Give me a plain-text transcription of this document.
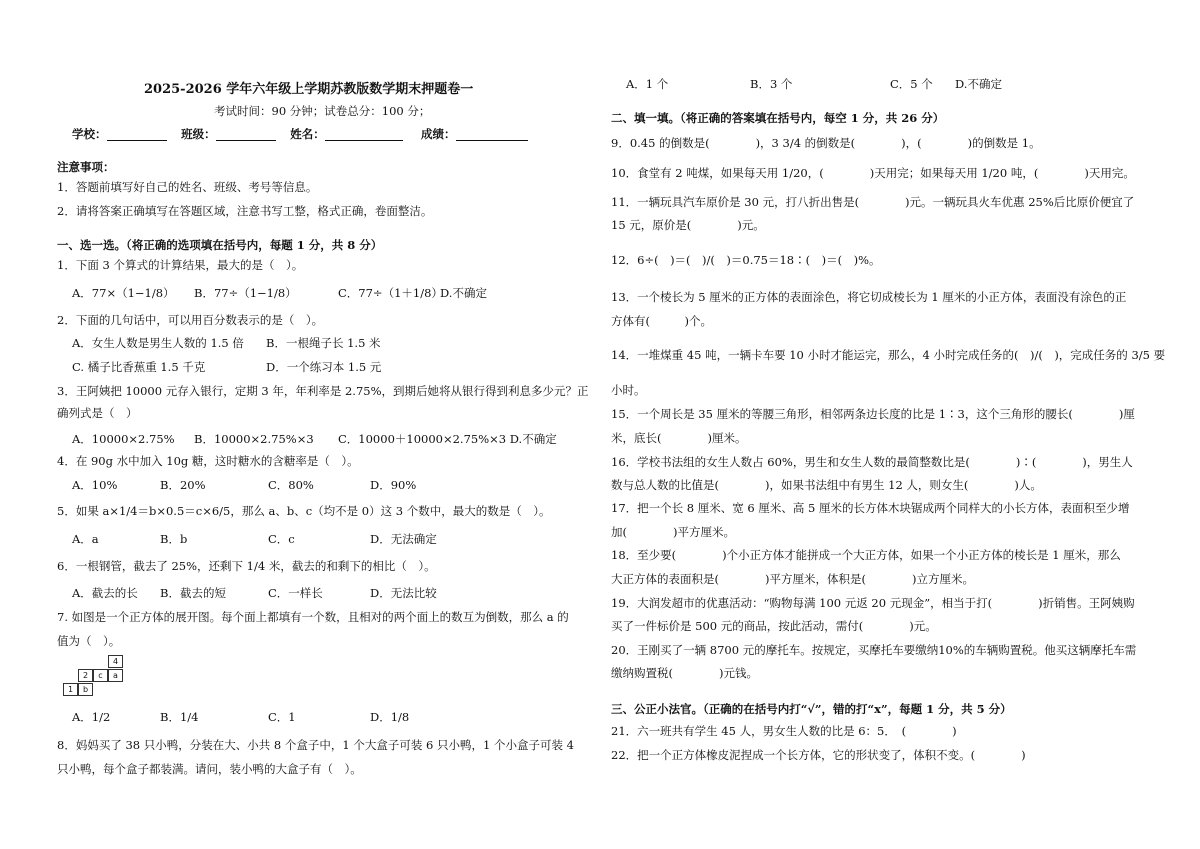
2025-2026 学年六年级上学期苏教版数学期末押题卷一
考试时间：90 分钟；试卷总分：100 分；
学校：	班级：	姓名：	成绩：
注意事项：
1．答题前填写好自己的姓名、班级、考号等信息。
2．请将答案正确填写在答题区域，注意书写工整，格式正确，卷面整洁。
一、选一选。（将正确的选项填在括号内，每题 1 分，共 8 分）
1．下面 3 个算式的计算结果，最大的是（　）。
A．77×（1−1/8） B．77÷（1−1/8）	C．77÷（1＋1/8）
D.不确定
2．下面的几句话中，可以用百分数表示的是（　）。
A．女生人数是男生人数的 1.5 倍 B．一根绳子长 1.5 米
C. 橘子比香蕉重 1.5 千克	D．一个练习本 1.5 元
3．王阿姨把 10000 元存入银行，定期 3 年，年利率是 2.75%，到期后她将从银行得到利息多少元？正
确列式是（　）
A．10000×2.75% B．10000×2.75%×3 C．10000＋10000×2.75%×3 D.不确定
4．在 90g 水中加入 10g 糖，这时糖水的含糖率是（　）。
A．10%	B．20%	C．80%	D．90%
5．如果 a×1/4＝b×0.5＝c×6/5，那么 a、b、c（均不是 0）这 3 个数中，最大的数是（　）。
A．a	B．b	C．c	D．无法确定
6．一根钢管，截去了 25%，还剩下 1/4 米，截去的和剩下的相比（　）。
A．截去的长 B．截去的短	C．一样长	D．无法比较
7. 如图是一个正方体的展开图。每个面上都填有一个数，且相对的两个面上的数互为倒数，那么 a 的
值为（　）。
4
2	c	a
1	b
A．1/2	B．1/4	C．1	D．1/8
8．妈妈买了 38 只小鸭，分装在大、小共 8 个盒子中，1 个大盒子可装 6 只小鸭，1 个小盒子可装 4
只小鸭，每个盒子都装满。请问，装小鸭的大盒子有（　）。
A．1 个	B．3 个	C．5 个 D.不确定
二、填一填。（将正确的答案填在括号内，每空 1 分，共 26 分）
9．0.45 的倒数是(　　　　)，3 3/4 的倒数是(　　　　)，(　　　　)的倒数是 1。
10．食堂有 2 吨煤，如果每天用 1/20，(　　　　)天用完；如果每天用 1/20 吨，(　　　　)天用完。
11．一辆玩具汽车原价是 30 元，打八折出售是(　　　　)元。一辆玩具火车优惠 25%后比原价便宜了
15 元，原价是(　　　　)元。
12．6÷(　)＝(　)/(　)＝0.75＝18∶(　)＝(　)%。
13．一个棱长为 5 厘米的正方体的表面涂色，将它切成棱长为 1 厘米的小正方体，表面没有涂色的正
方体有(　　　)个。
14．一堆煤重 45 吨，一辆卡车要 10 小时才能运完，那么，4 小时完成任务的(　)/(　)，完成任务的 3/5 要
小时。
15．一个周长是 35 厘米的等腰三角形，相邻两条边长度的比是 1∶3，这个三角形的腰长(　　　　)厘
米，底长(　　　　)厘米。
16．学校书法组的女生人数占 60%，男生和女生人数的最简整数比是(　　　　)∶(　　　　)，男生人
数与总人数的比值是(　　　　)，如果书法组中有男生 12 人，则女生(　　　　)人。
17．把一个长 8 厘米、宽 6 厘米、高 5 厘米的长方体木块锯成两个同样大的小长方体，表面积至少增
加(　　　　)平方厘米。
18．至少要(　　　　)个小正方体才能拼成一个大正方体，如果一个小正方体的棱长是 1 厘米，那么
大正方体的表面积是(　　　　)平方厘米，体积是(　　　　)立方厘米。
19．大润发超市的优惠活动：“购物每满 100 元返 20 元现金”，相当于打(　　　　)折销售。王阿姨购
买了一件标价是 500 元的商品，按此活动，需付(　　　　)元。
20．王刚买了一辆 8700 元的摩托车。按规定，买摩托车要缴纳10%的车辆购置税。他买这辆摩托车需
缴纳购置税(　　　　)元钱。
三、公正小法官。（正确的在括号内打“√”，错的打“x”，每题 1 分，共 5 分）
21．六一班共有学生 45 人，男女生人数的比是 6：5．　(　　　　)
22．把一个正方体橡皮泥捏成一个长方体，它的形状变了，体积不变。(　　　　)
